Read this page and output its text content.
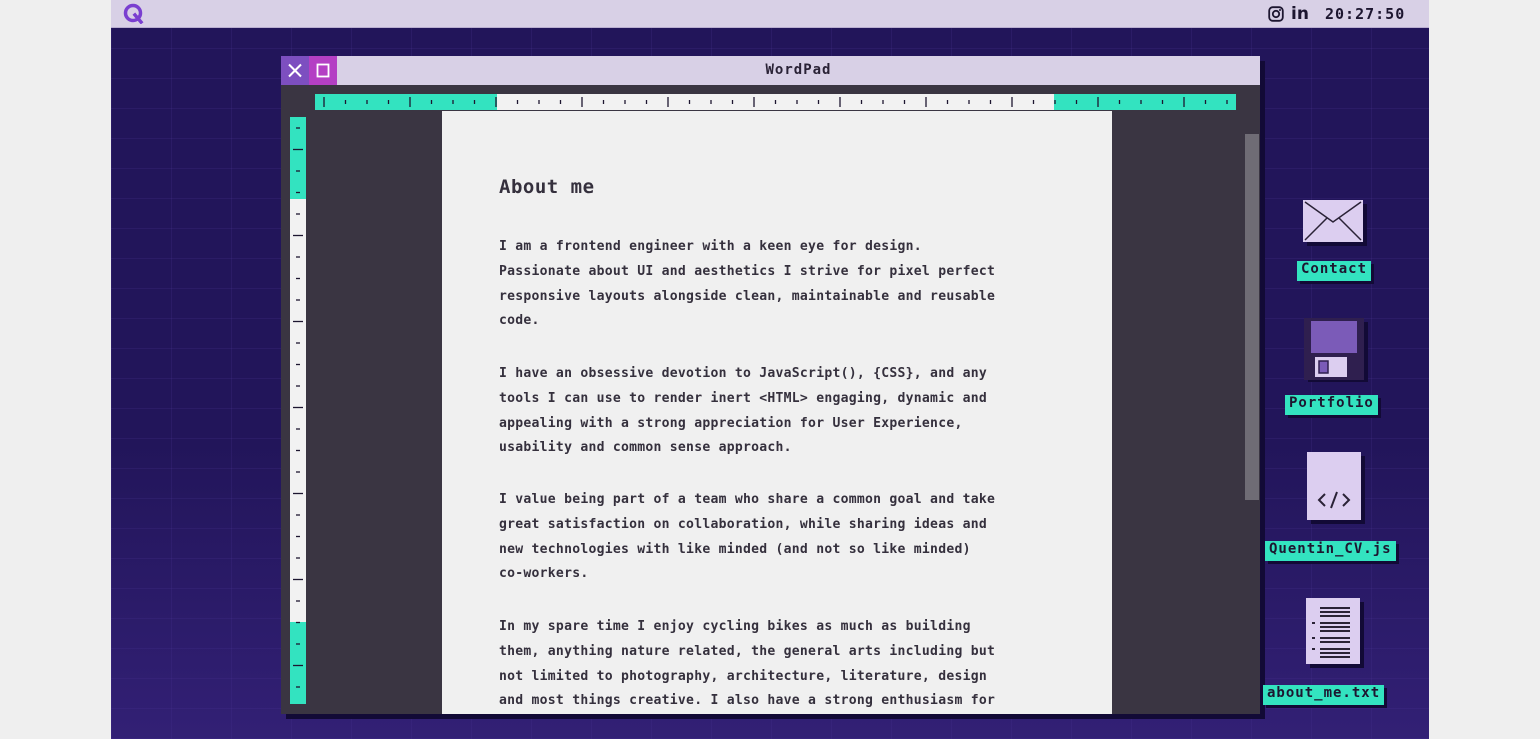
in 20:27:50
WordPad
About me
I am a frontend engineer with a keen eye for design.
Passionate about UI and aesthetics I strive for pixel perfect
responsive layouts alongside clean, maintainable and reusable
code.
I have an obsessive devotion to JavaScript(), {CSS}, and any
tools I can use to render inert <HTML> engaging, dynamic and
appealing with a strong appreciation for User Experience,
usability and common sense approach.
I value being part of a team who share a common goal and take
great satisfaction on collaboration, while sharing ideas and
new technologies with like minded (and not so like minded)
co-workers.
In my spare time I enjoy cycling bikes as much as building
them, anything nature related, the general arts including but
not limited to photography, architecture, literature, design
and most things creative. I also have a strong enthusiasm for
Contact
Portfolio
Quentin_CV.js
about_me.txt
